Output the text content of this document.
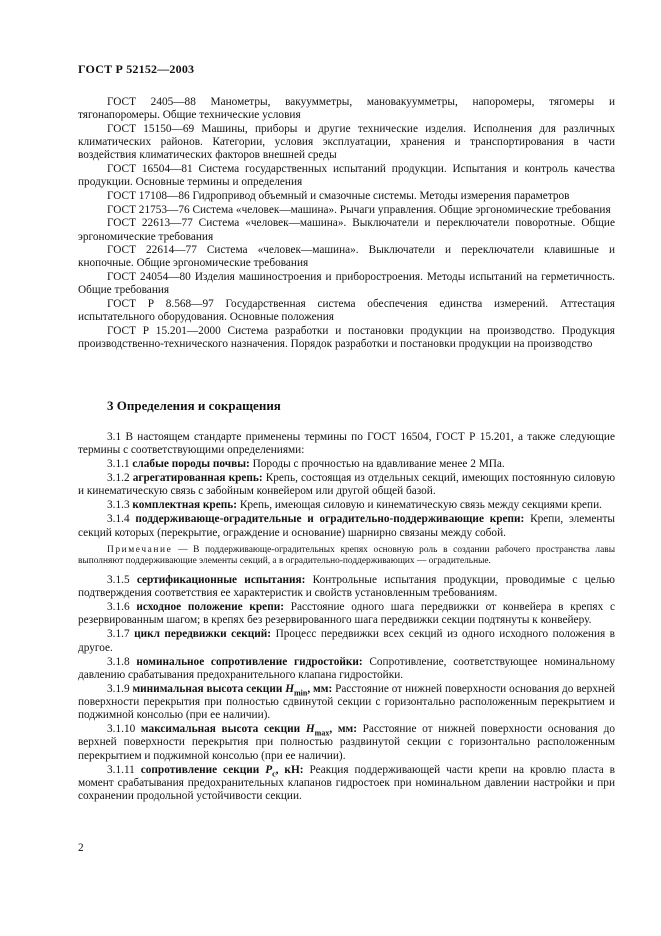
ГОСТ Р 52152—2003

ГОСТ 2405—88 Манометры, вакуумметры, мановакуумметры, напоромеры, тягомеры и тягонапоромеры. Общие технические условия

ГОСТ 15150—69 Машины, приборы и другие технические изделия. Исполнения для различных климатических районов. Категории, условия эксплуатации, хранения и транспортирования в части воздействия климатических факторов внешней среды

ГОСТ 16504—81 Система государственных испытаний продукции. Испытания и контроль качества продукции. Основные термины и определения

ГОСТ 17108—86 Гидропривод объемный и смазочные системы. Методы измерения параметров

ГОСТ 21753—76 Система «человек—машина». Рычаги управления. Общие эргономические требования

ГОСТ 22613—77 Система «человек—машина». Выключатели и переключатели поворотные. Общие эргономические требования

ГОСТ 22614—77 Система «человек—машина». Выключатели и переключатели клавишные и кнопочные. Общие эргономические требования

ГОСТ 24054—80 Изделия машиностроения и приборостроения. Методы испытаний на герметичность. Общие требования

ГОСТ Р 8.568—97 Государственная система обеспечения единства измерений. Аттестация испытательного оборудования. Основные положения

ГОСТ Р 15.201—2000 Система разработки и постановки продукции на производство. Продукция производственно-технического назначения. Порядок разработки и постановки продукции на производство

3 Определения и сокращения

3.1 В настоящем стандарте применены термины по ГОСТ 16504, ГОСТ Р 15.201, а также следующие термины с соответствующими определениями:

3.1.1 слабые породы почвы: Породы с прочностью на вдавливание менее 2 МПа.

3.1.2 агрегатированная крепь: Крепь, состоящая из отдельных секций, имеющих постоянную силовую и кинематическую связь с забойным конвейером или другой общей базой.

3.1.3 комплектная крепь: Крепь, имеющая силовую и кинематическую связь между секциями крепи.

3.1.4 поддерживающе-оградительные и оградительно-поддерживающие крепи: Крепи, элементы секций которых (перекрытие, ограждение и основание) шарнирно связаны между собой.

Примечание — В поддерживающе-оградительных крепях основную роль в создании рабочего пространства лавы выполняют поддерживающие элементы секций, а в оградительно-поддерживающих — оградительные.

3.1.5 сертификационные испытания: Контрольные испытания продукции, проводимые с целью подтверждения соответствия ее характеристик и свойств установленным требованиям.

3.1.6 исходное положение крепи: Расстояние одного шага передвижки от конвейера в крепях с резервированным шагом; в крепях без резервированного шага передвижки секции подтянуты к конвейеру.

3.1.7 цикл передвижки секций: Процесс передвижки всех секций из одного исходного положения в другое.

3.1.8 номинальное сопротивление гидростойки: Сопротивление, соответствующее номинальному давлению срабатывания предохранительного клапана гидростойки.

3.1.9 минимальная высота секции $H_{min}$, мм: Расстояние от нижней поверхности основания до верхней поверхности перекрытия при полностью сдвинутой секции с горизонтально расположенным перекрытием и поджимной консолью (при ее наличии).

3.1.10 максимальная высота секции $H_{max}$, мм: Расстояние от нижней поверхности основания до верхней поверхности перекрытия при полностью раздвинутой секции с горизонтально расположенным перекрытием и поджимной консолью (при ее наличии).

3.1.11 сопротивление секции $P_c$, кН: Реакция поддерживающей части крепи на кровлю пласта в момент срабатывания предохранительных клапанов гидростоек при номинальном давлении настройки и при сохранении продольной устойчивости секции.

2
